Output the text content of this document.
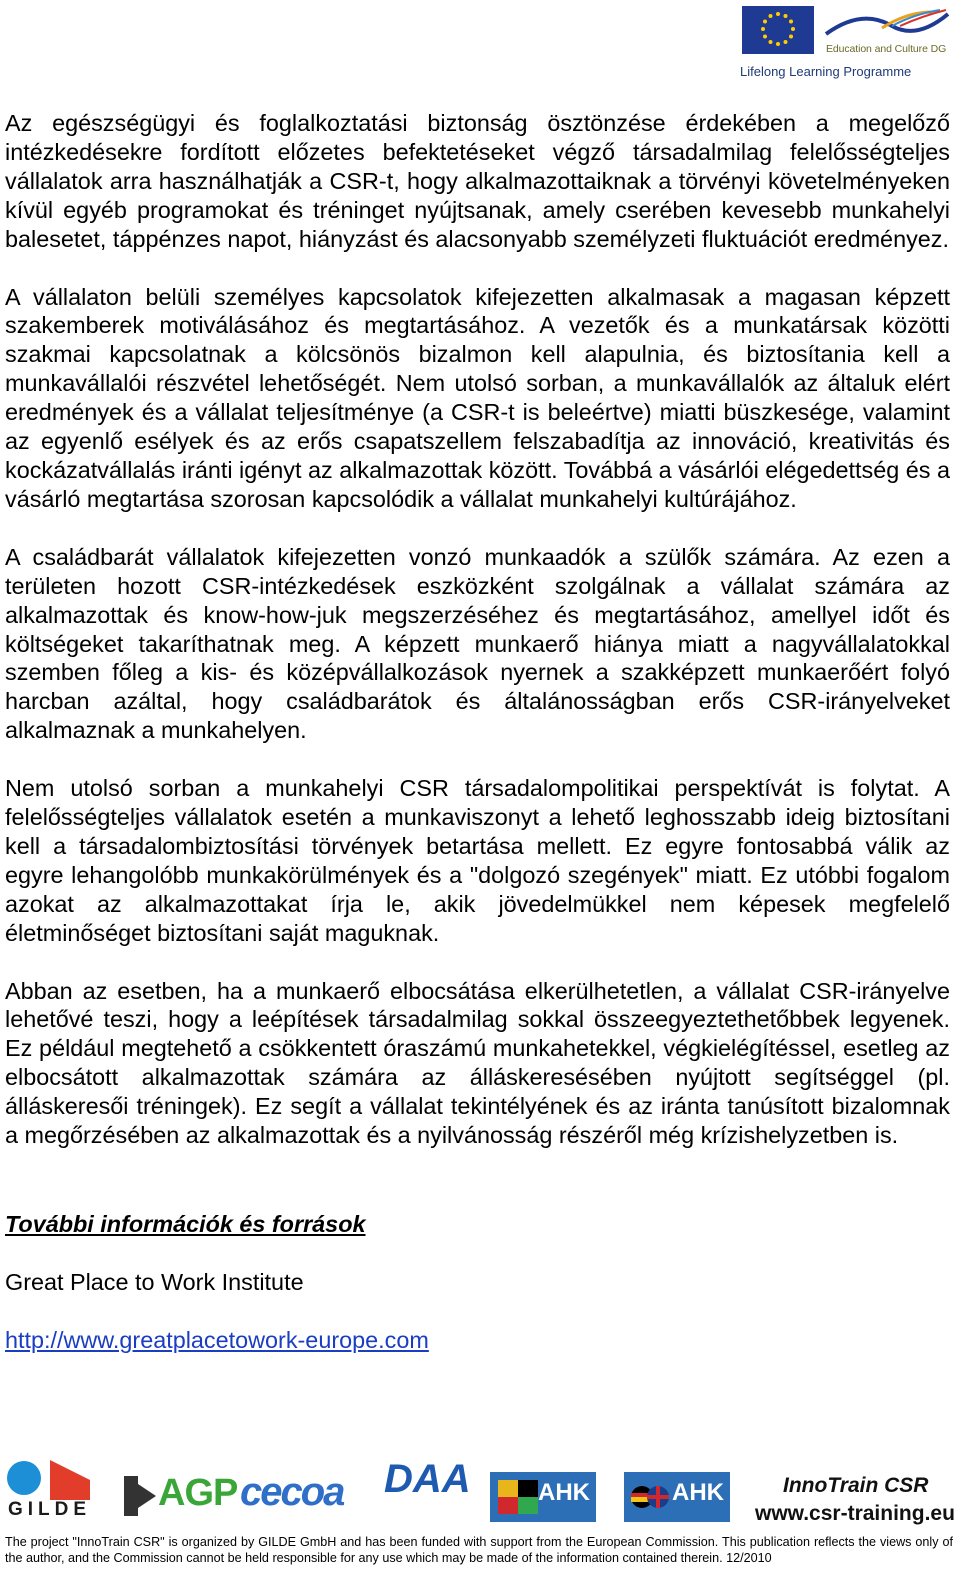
Education and Culture DG
Lifelong Learning Programme

Az egészségügyi és foglalkoztatási biztonság ösztönzése érdekében a megelőző intézkedésekre fordított előzetes befektetéseket végző társadalmilag felelősségteljes vállalatok arra használhatják a CSR-t, hogy alkalmazottaiknak a törvényi követelményeken kívül egyéb programokat és tréninget nyújtsanak, amely cserében kevesebb munkahelyi balesetet, táppénzes napot, hiányzást és alacsonyabb személyzeti fluktuációt eredményez.

A vállalaton belüli személyes kapcsolatok kifejezetten alkalmasak a magasan képzett szakemberek motiválásához és megtartásához. A vezetők és a munkatársak közötti szakmai kapcsolatnak a kölcsönös bizalmon kell alapulnia, és biztosítania kell a munkavállalói részvétel lehetőségét. Nem utolsó sorban, a munkavállalók az általuk elért eredmények és a vállalat teljesítménye (a CSR-t is beleértve) miatti büszkesége, valamint az egyenlő esélyek és az erős csapatszellem felszabadítja az innováció, kreativitás és kockázatvállalás iránti igényt az alkalmazottak között. Továbbá a vásárlói elégedettség és a vásárló megtartása szorosan kapcsolódik a vállalat munkahelyi kultúrájához.

A családbarát vállalatok kifejezetten vonzó munkaadók a szülők számára. Az ezen a területen hozott CSR-intézkedések eszközként szolgálnak a vállalat számára az alkalmazottak és know-how-juk megszerzéséhez és megtartásához, amellyel időt és költségeket takaríthatnak meg. A képzett munkaerő hiánya miatt a nagyvállalatokkal szemben főleg a kis- és középvállalkozások nyernek a szakképzett munkaerőért folyó harcban azáltal, hogy családbarátok és általánosságban erős CSR-irányelveket alkalmaznak a munkahelyen.

Nem utolsó sorban a munkahelyi CSR társadalompolitikai perspektívát is folytat. A felelősségteljes vállalatok esetén a munkaviszonyt a lehető leghosszabb ideig biztosítani kell a társadalombiztosítási törvények betartása mellett. Ez egyre fontosabbá válik az egyre lehangolóbb munkakörülmények és a "dolgozó szegények" miatt. Ez utóbbi fogalom azokat az alkalmazottakat írja le, akik jövedelmükkel nem képesek megfelelő életminőséget biztosítani saját maguknak.

Abban az esetben, ha a munkaerő elbocsátása elkerülhetetlen, a vállalat CSR-irányelve lehetővé teszi, hogy a leépítések társadalmilag sokkal összeegyeztethetőbbek legyenek. Ez például megtehető a csökkentett óraszámú munkahetekkel, végkielégítéssel, esetleg az elbocsátott alkalmazottak számára az álláskeresésében nyújtott segítséggel (pl. álláskeresői tréningek). Ez segít a vállalat tekintélyének és az iránta tanúsított bizalomnak a megőrzésében az alkalmazottak és a nyilvánosság részéről még krízishelyzetben is.

További információk és források
Great Place to Work Institute
http://www.greatplacetowork-europe.com
GILDE AGP cecoa DAA	AHK	AHK	InnoTrain CSR
www.csr-training.eu
The project "InnoTrain CSR" is organized by GILDE GmbH and has been funded with support from the European Commission. This publication reflects the views only of the author, and the Commission cannot be held responsible for any use which may be made of the information contained therein. 12/2010
